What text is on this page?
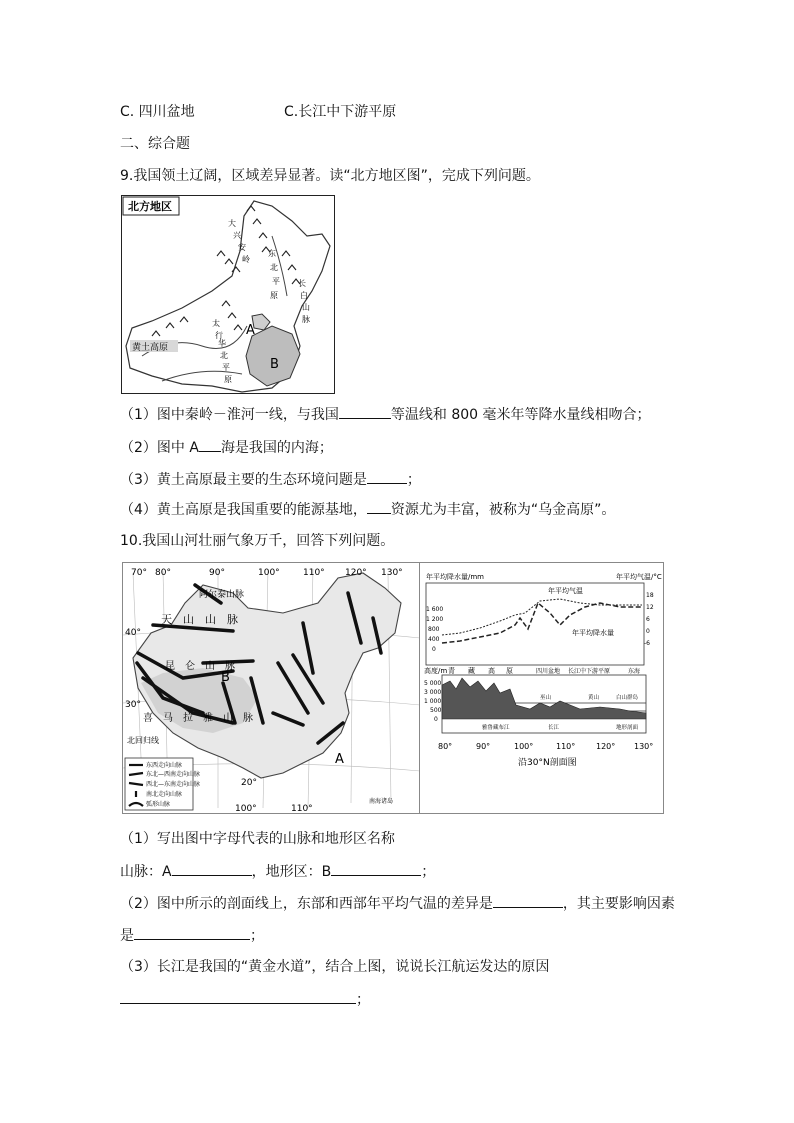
C. 四川盆地	C.长江中下游平原
二、综合题
9.我国领土辽阔，区域差异显著。读“北方地区图”，完成下列问题。
北方地区
黄土高原
大
兴
安
岭
东
北
平
原
长
白
山
脉
太
行
华
北
平
原
A
B
（1）图中秦岭－淮河一线，与我国	等温线和 800 毫米年等降水量线相吻合；
（2）图中 A 海是我国的内海；
（3）黄土高原最主要的生态环境问题是	；
（4）黄土高原是我国重要的能源基地， 资源尤为丰富，被称为“乌金高原”。
10.我国山河壮丽气象万千，回答下列问题。
70° 80°	90°	100°	110° 120° 130°
40°
30°
20°
100°	110°
天　山　山　脉
阿尔泰山脉
昆　仑　山　脉
喜　马　拉　雅　山　脉
北回归线
南海诸岛
B
A
东西走向山脉
东北—西南走向山脉
西北—东南走向山脉
南北走向山脉
弧形山脉
年平均降水量/mm	年平均气温/°C
1 600
1 200
800
400
0
18
12
6
0
-6
年平均气温
年平均降水量
高度/m
5 000
3 000
1 000
500
0
青 藏 高 原	四川盆地 长江中下游平原	东海
巫山	黄山	白山群岛
雅鲁藏布江	长江	地形剖面
80°	90°	100°	110°	120° 130°
沿30°N剖面图
（1）写出图中字母代表的山脉和地形区名称
山脉：A	，地形区：B	；
（2）图中所示的剖面线上，东部和西部年平均气温的差异是	，其主要影响因素
是	；
（3）长江是我国的“黄金水道”，结合上图，说说长江航运发达的原因
；
